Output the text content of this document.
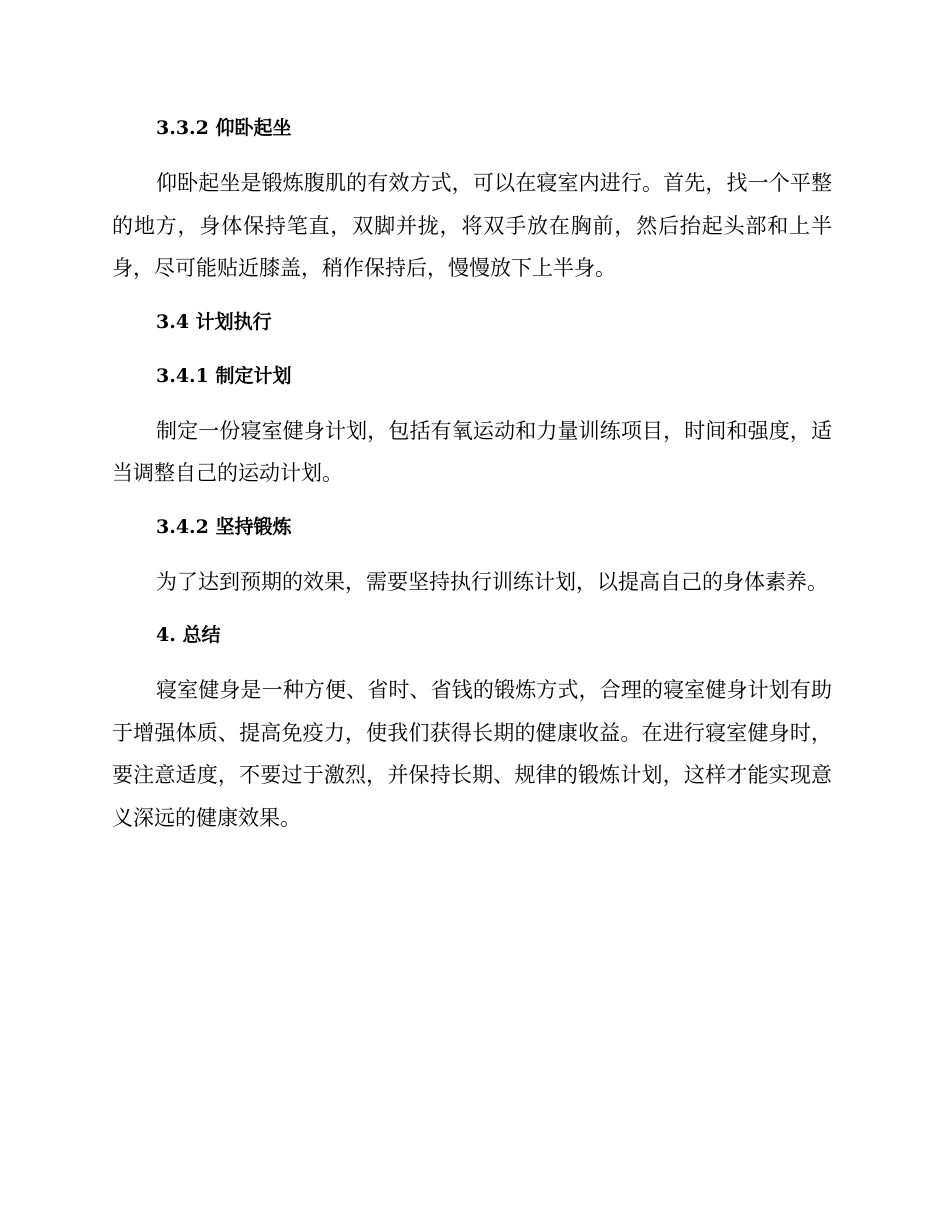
3.3.2 仰卧起坐

仰卧起坐是锻炼腹肌的有效方式，可以在寝室内进行。首先，找一个平整的地方，身体保持笔直，双脚并拢，将双手放在胸前，然后抬起头部和上半身，尽可能贴近膝盖，稍作保持后，慢慢放下上半身。

3.4 计划执行
3.4.1 制定计划

制定一份寝室健身计划，包括有氧运动和力量训练项目，时间和强度，适当调整自己的运动计划。

3.4.2 坚持锻炼

为了达到预期的效果，需要坚持执行训练计划，以提高自己的身体素养。

4. 总结

寝室健身是一种方便、省时、省钱的锻炼方式，合理的寝室健身计划有助于增强体质、提高免疫力，使我们获得长期的健康收益。在进行寝室健身时，要注意适度，不要过于激烈，并保持长期、规律的锻炼计划，这样才能实现意义深远的健康效果。
